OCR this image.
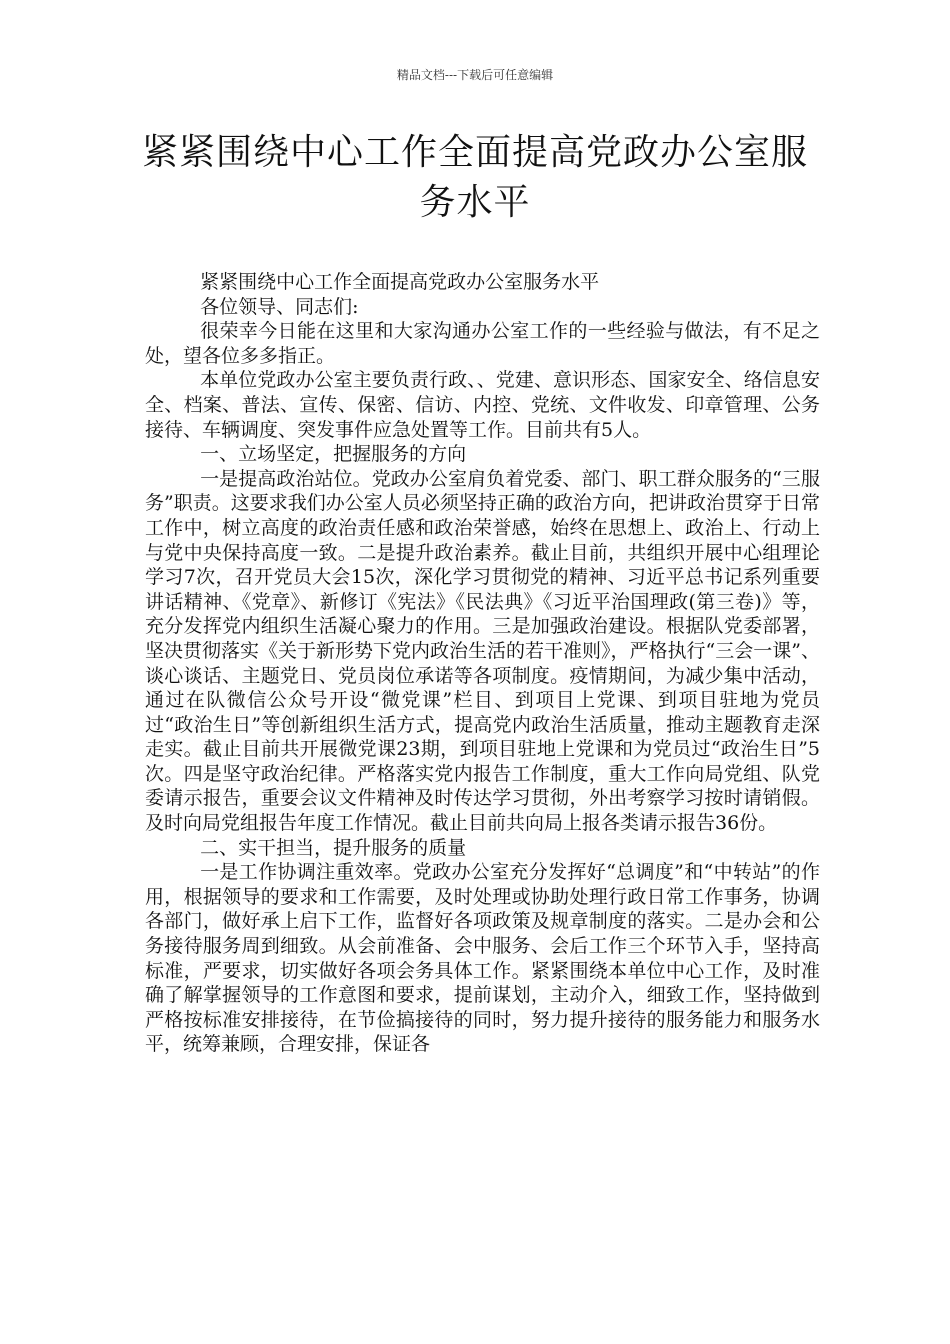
精品文档---下载后可任意编辑
紧紧围绕中心工作全面提高党政办公室服务水平

紧紧围绕中心工作全面提高党政办公室服务水平

各位领导、同志们:

很荣幸今日能在这里和大家沟通办公室工作的一些经验与做法，有不足之处，望各位多多指正。

本单位党政办公室主要负责行政、、党建、意识形态、国家安全、络信息安全、档案、普法、宣传、保密、信访、内控、党统、文件收发、印章管理、公务接待、车辆调度、突发事件应急处置等工作。目前共有5人。

一、立场坚定，把握服务的方向

一是提高政治站位。党政办公室肩负着党委、部门、职工群众服务的“三服务”职责。这要求我们办公室人员必须坚持正确的政治方向，把讲政治贯穿于日常工作中，树立高度的政治责任感和政治荣誉感，始终在思想上、政治上、行动上与党中央保持高度一致。二是提升政治素养。截止目前，共组织开展中心组理论学习7次，召开党员大会15次，深化学习贯彻党的精神、习近平总书记系列重要讲话精神、《党章》、新修订《宪法》《民法典》《习近平治国理政(第三卷)》等，充分发挥党内组织生活凝心聚力的作用。三是加强政治建设。根据队党委部署，坚决贯彻落实《关于新形势下党内政治生活的若干准则》，严格执行“三会一课”、谈心谈话、主题党日、党员岗位承诺等各项制度。疫情期间，为减少集中活动，通过在队微信公众号开设“微党课”栏目、到项目上党课、到项目驻地为党员过“政治生日”等创新组织生活方式，提高党内政治生活质量，推动主题教育走深走实。截止目前共开展微党课23期，到项目驻地上党课和为党员过“政治生日”5次。四是坚守政治纪律。严格落实党内报告工作制度，重大工作向局党组、队党委请示报告，重要会议文件精神及时传达学习贯彻，外出考察学习按时请销假。及时向局党组报告年度工作情况。截止目前共向局上报各类请示报告36份。

二、实干担当，提升服务的质量

一是工作协调注重效率。党政办公室充分发挥好“总调度”和“中转站”的作用，根据领导的要求和工作需要，及时处理或协助处理行政日常工作事务，协调各部门，做好承上启下工作，监督好各项政策及规章制度的落实。二是办会和公务接待服务周到细致。从会前准备、会中服务、会后工作三个环节入手，坚持高标准，严要求，切实做好各项会务具体工作。紧紧围绕本单位中心工作，及时准确了解掌握领导的工作意图和要求，提前谋划，主动介入，细致工作，坚持做到严格按标准安排接待，在节俭搞接待的同时，努力提升接待的服务能力和服务水平，统筹兼顾，合理安排，保证各
